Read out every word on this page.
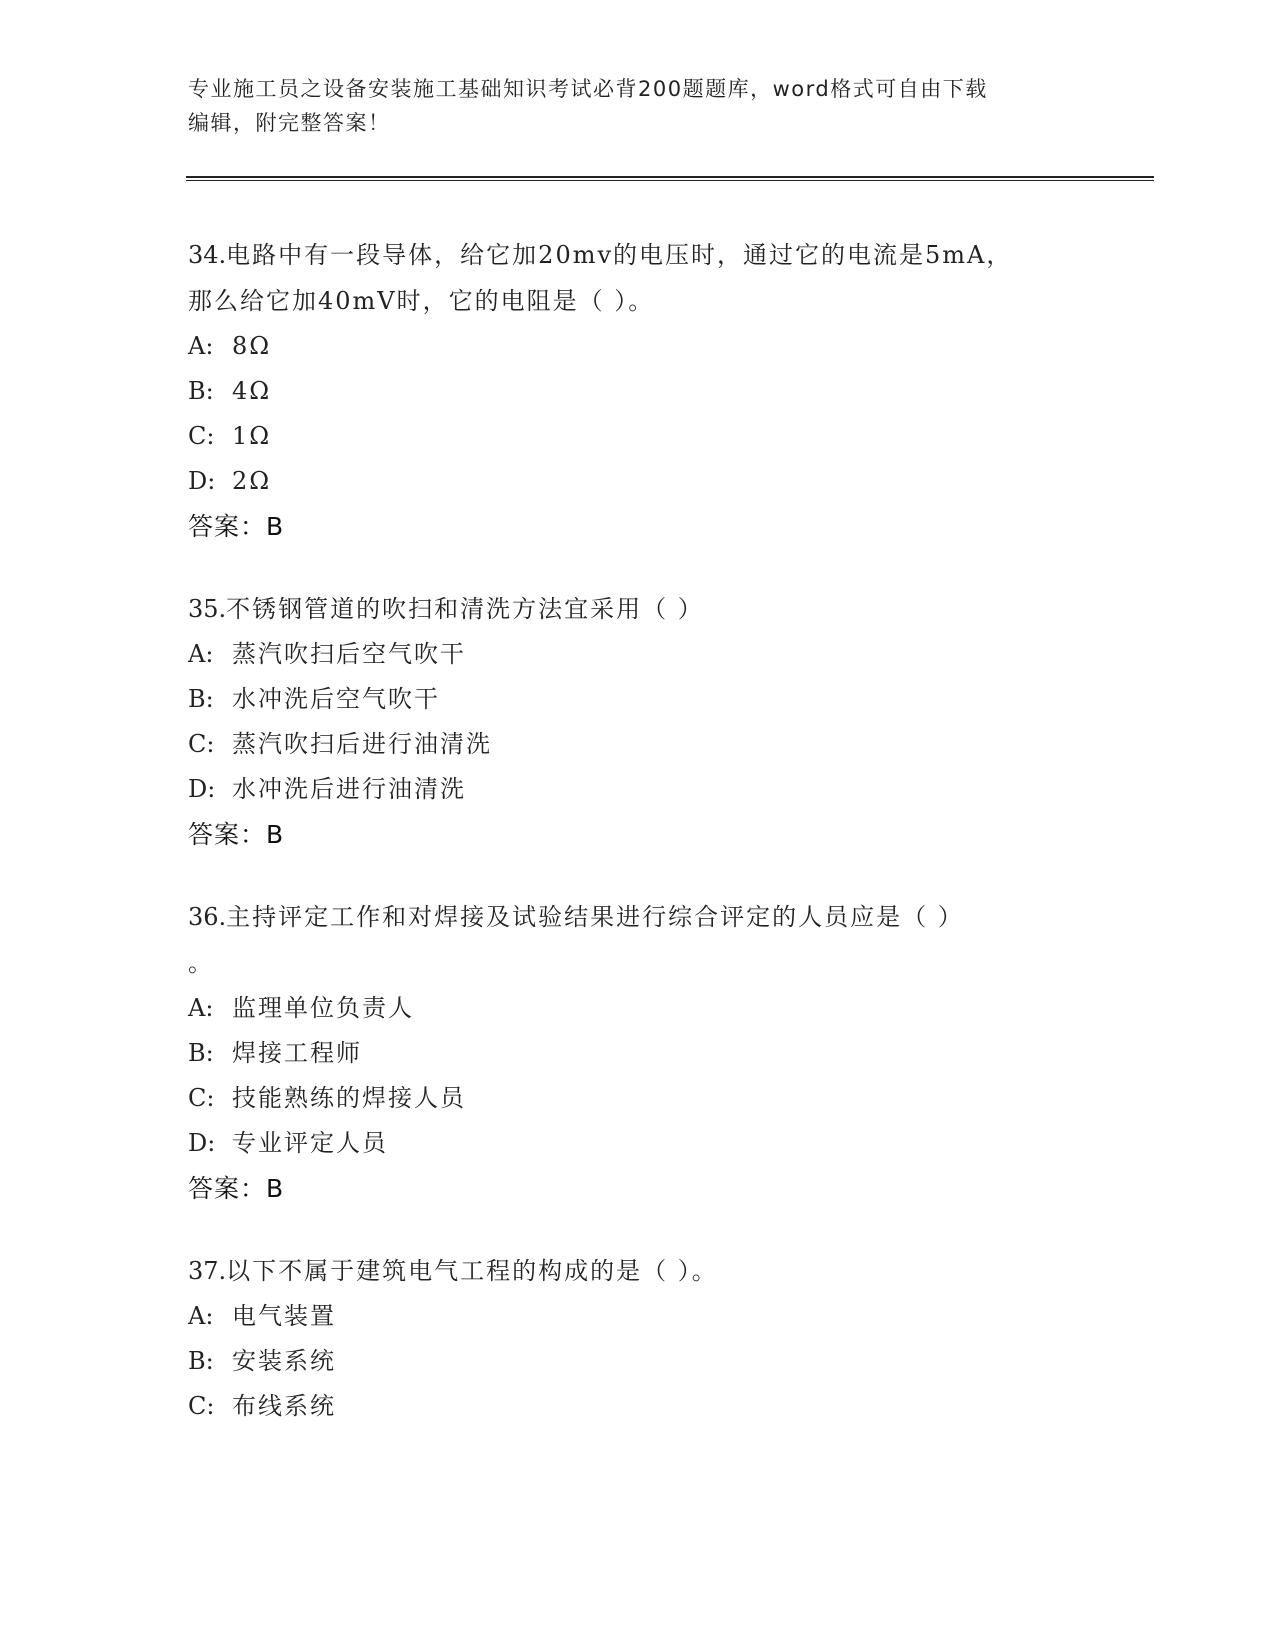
专业施工员之设备安装施工基础知识考试必背200题题库，word格式可自由下载
编辑，附完整答案！

34.电路中有一段导体，给它加20mv的电压时，通过它的电流是5mA，

那么给它加40mV时，它的电阻是（ ）。

A: 8Ω

B: 4Ω

C: 1Ω

D: 2Ω

答案：B

35.不锈钢管道的吹扫和清洗方法宜采用（ ）

A: 蒸汽吹扫后空气吹干

B: 水冲洗后空气吹干

C: 蒸汽吹扫后进行油清洗

D: 水冲洗后进行油清洗

答案：B

36.主持评定工作和对焊接及试验结果进行综合评定的人员应是（ ）

。

A: 监理单位负责人

B: 焊接工程师

C: 技能熟练的焊接人员

D: 专业评定人员

答案：B

37.以下不属于建筑电气工程的构成的是（ ）。

A: 电气装置

B: 安装系统

C: 布线系统
